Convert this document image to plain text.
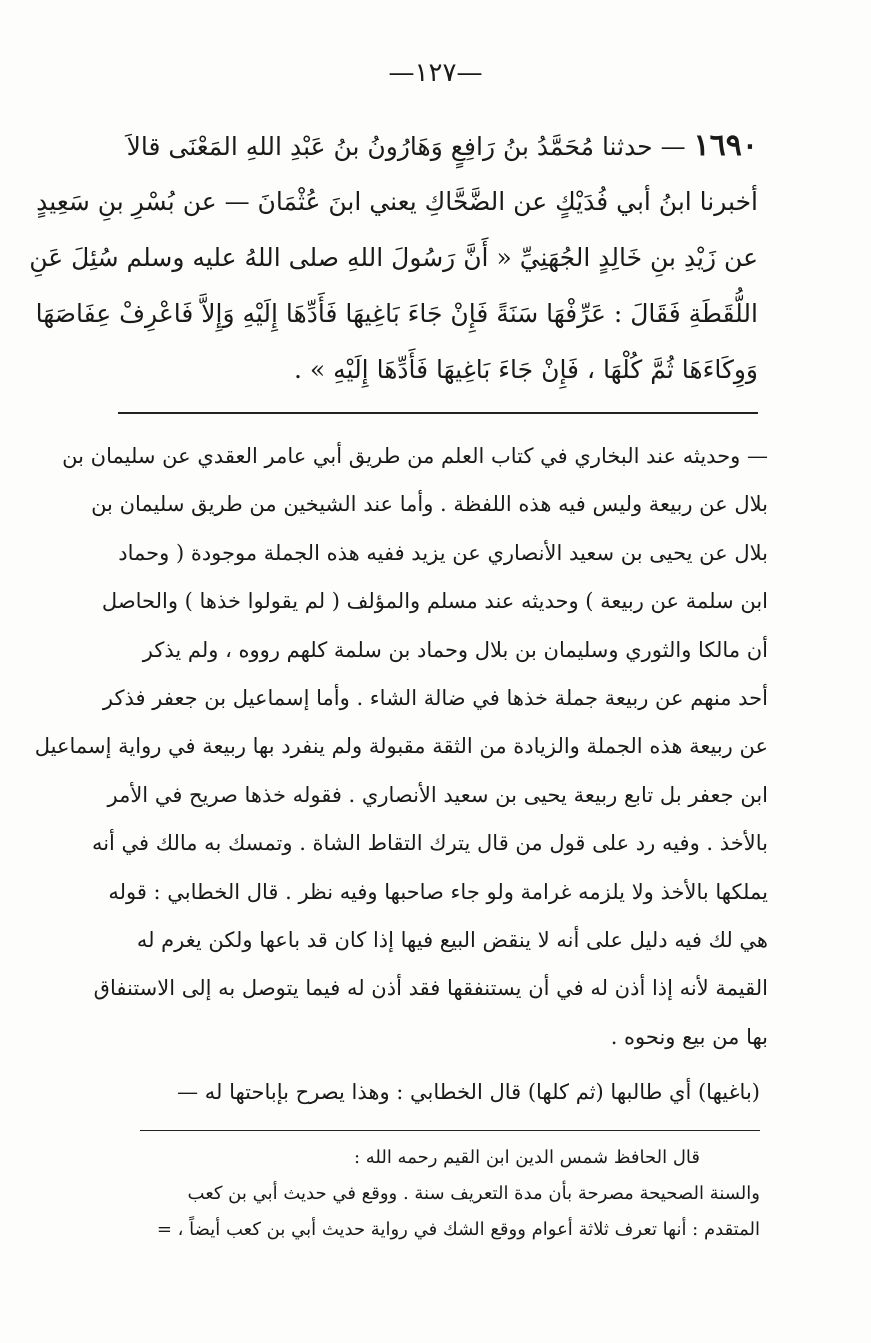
—١٢٧—
١٦٩٠ — حدثنا مُحَمَّدُ بنُ رَافِعٍ وَهَارُونُ بنُ عَبْدِ اللهِ المَعْنَى قالاَ
أخبرنا ابنُ أبي فُدَيْكٍ عن الضَّحَّاكِ يعني ابنَ عُثْمَانَ — عن بُسْرِ بنِ سَعِيدٍ
عن زَيْدِ بنِ خَالِدٍ الجُهَنِيِّ « أَنَّ رَسُولَ اللهِ صلى اللهُ عليه وسلم سُئِلَ عَنِ
اللُّقَطَةِ فَقَالَ : عَرِّفْهَا سَنَةً فَإِنْ جَاءَ بَاغِيهَا فَأَدِّهَا إِلَيْهِ وَإِلاَّ فَاعْرِفْ عِفَاصَهَا
وَوِكَاءَهَا ثُمَّ كُلْهَا ، فَإِنْ جَاءَ بَاغِيهَا فَأَدِّهَا إِلَيْهِ » .
— وحديثه عند البخاري في كتاب العلم من طريق أبي عامر العقدي عن سليمان بن
بلال عن ربيعة وليس فيه هذه اللفظة . وأما عند الشيخين من طريق سليمان بن
بلال عن يحيى بن سعيد الأنصاري عن يزيد ففيه هذه الجملة موجودة ( وحماد
ابن سلمة عن ربيعة ) وحديثه عند مسلم والمؤلف ( لم يقولوا خذها ) والحاصل
أن مالكا والثوري وسليمان بن بلال وحماد بن سلمة كلهم رووه ، ولم يذكر
أحد منهم عن ربيعة جملة خذها في ضالة الشاء . وأما إسماعيل بن جعفر فذكر
عن ربيعة هذه الجملة والزيادة من الثقة مقبولة ولم ينفرد بها ربيعة في رواية إسماعيل
ابن جعفر بل تابع ربيعة يحيى بن سعيد الأنصاري . فقوله خذها صريح في الأمر
بالأخذ . وفيه رد على قول من قال يترك التقاط الشاة . وتمسك به مالك في أنه
يملكها بالأخذ ولا يلزمه غرامة ولو جاء صاحبها وفيه نظر . قال الخطابي : قوله
هي لك فيه دليل على أنه لا ينقض البيع فيها إذا كان قد باعها ولكن يغرم له
القيمة لأنه إذا أذن له في أن يستنفقها فقد أذن له فيما يتوصل به إلى الاستنفاق
بها من بيع ونحوه .
(باغيها) أي طالبها (ثم كلها) قال الخطابي : وهذا يصرح بإباحتها له —
قال الحافظ شمس الدين ابن القيم رحمه الله :
والسنة الصحيحة مصرحة بأن مدة التعريف سنة . ووقع في حديث أبي بن كعب
المتقدم : أنها تعرف ثلاثة أعوام ووقع الشك في رواية حديث أبي بن كعب أيضاً ، =
